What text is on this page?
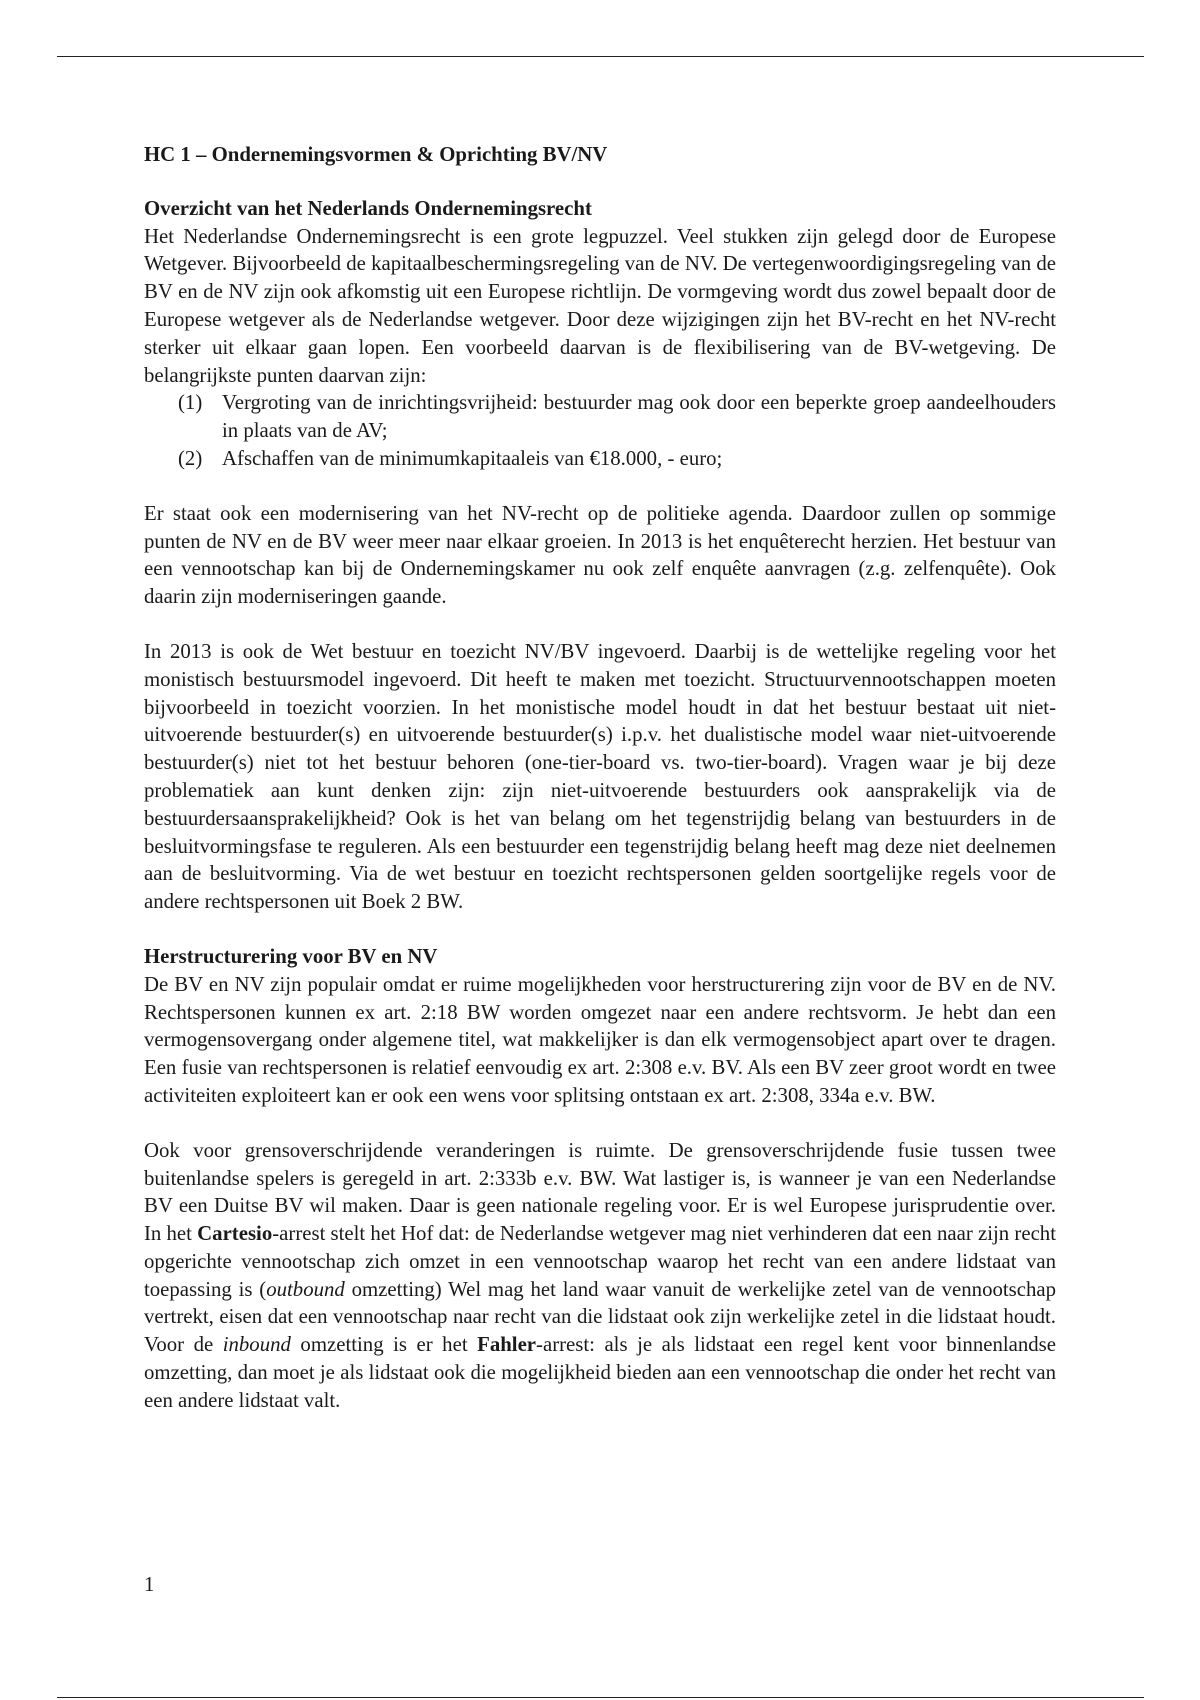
HC 1 – Ondernemingsvormen & Oprichting BV/NV
Overzicht van het Nederlands Ondernemingsrecht

Het Nederlandse Ondernemingsrecht is een grote legpuzzel. Veel stukken zijn gelegd door de Europese Wetgever. Bijvoorbeeld de kapitaalbeschermingsregeling van de NV. De vertegenwoordigingsregeling van de BV en de NV zijn ook afkomstig uit een Europese richtlijn. De vormgeving wordt dus zowel bepaalt door de Europese wetgever als de Nederlandse wetgever. Door deze wijzigingen zijn het BV-recht en het NV-recht sterker uit elkaar gaan lopen. Een voorbeeld daarvan is de flexibilisering van de BV-wetgeving. De belangrijkste punten daarvan zijn:

(1) Vergroting van de inrichtingsvrijheid: bestuurder mag ook door een beperkte groep aandeelhouders in plaats van de AV;
(2) Afschaffen van de minimumkapitaaleis van €18.000, - euro;

Er staat ook een modernisering van het NV-recht op de politieke agenda. Daardoor zullen op sommige punten de NV en de BV weer meer naar elkaar groeien. In 2013 is het enquêterecht herzien. Het bestuur van een vennootschap kan bij de Ondernemingskamer nu ook zelf enquête aanvragen (z.g. zelfenquête). Ook daarin zijn moderniseringen gaande.

In 2013 is ook de Wet bestuur en toezicht NV/BV ingevoerd. Daarbij is de wettelijke regeling voor het monistisch bestuursmodel ingevoerd. Dit heeft te maken met toezicht. Structuurvennootschappen moeten bijvoorbeeld in toezicht voorzien. In het monistische model houdt in dat het bestuur bestaat uit niet-uitvoerende bestuurder(s) en uitvoerende bestuurder(s) i.p.v. het dualistische model waar niet-uitvoerende bestuurder(s) niet tot het bestuur behoren (one-tier-board vs. two-tier-board). Vragen waar je bij deze problematiek aan kunt denken zijn: zijn niet-uitvoerende bestuurders ook aansprakelijk via de bestuurdersaansprakelijkheid? Ook is het van belang om het tegenstrijdig belang van bestuurders in de besluitvormingsfase te reguleren. Als een bestuurder een tegenstrijdig belang heeft mag deze niet deelnemen aan de besluitvorming. Via de wet bestuur en toezicht rechtspersonen gelden soortgelijke regels voor de andere rechtspersonen uit Boek 2 BW.

Herstructurering voor BV en NV

De BV en NV zijn populair omdat er ruime mogelijkheden voor herstructurering zijn voor de BV en de NV. Rechtspersonen kunnen ex art. 2:18 BW worden omgezet naar een andere rechtsvorm. Je hebt dan een vermogensovergang onder algemene titel, wat makkelijker is dan elk vermogensobject apart over te dragen. Een fusie van rechtspersonen is relatief eenvoudig ex art. 2:308 e.v. BV. Als een BV zeer groot wordt en twee activiteiten exploiteert kan er ook een wens voor splitsing ontstaan ex art. 2:308, 334a e.v. BW.

Ook voor grensoverschrijdende veranderingen is ruimte. De grensoverschrijdende fusie tussen twee buitenlandse spelers is geregeld in art. 2:333b e.v. BW. Wat lastiger is, is wanneer je van een Nederlandse BV een Duitse BV wil maken. Daar is geen nationale regeling voor. Er is wel Europese jurisprudentie over. In het Cartesio-arrest stelt het Hof dat: de Nederlandse wetgever mag niet verhinderen dat een naar zijn recht opgerichte vennootschap zich omzet in een vennootschap waarop het recht van een andere lidstaat van toepassing is (outbound omzetting) Wel mag het land waar vanuit de werkelijke zetel van de vennootschap vertrekt, eisen dat een vennootschap naar recht van die lidstaat ook zijn werkelijke zetel in die lidstaat houdt. Voor de inbound omzetting is er het Fahler-arrest: als je als lidstaat een regel kent voor binnenlandse omzetting, dan moet je als lidstaat ook die mogelijkheid bieden aan een vennootschap die onder het recht van een andere lidstaat valt.

1
